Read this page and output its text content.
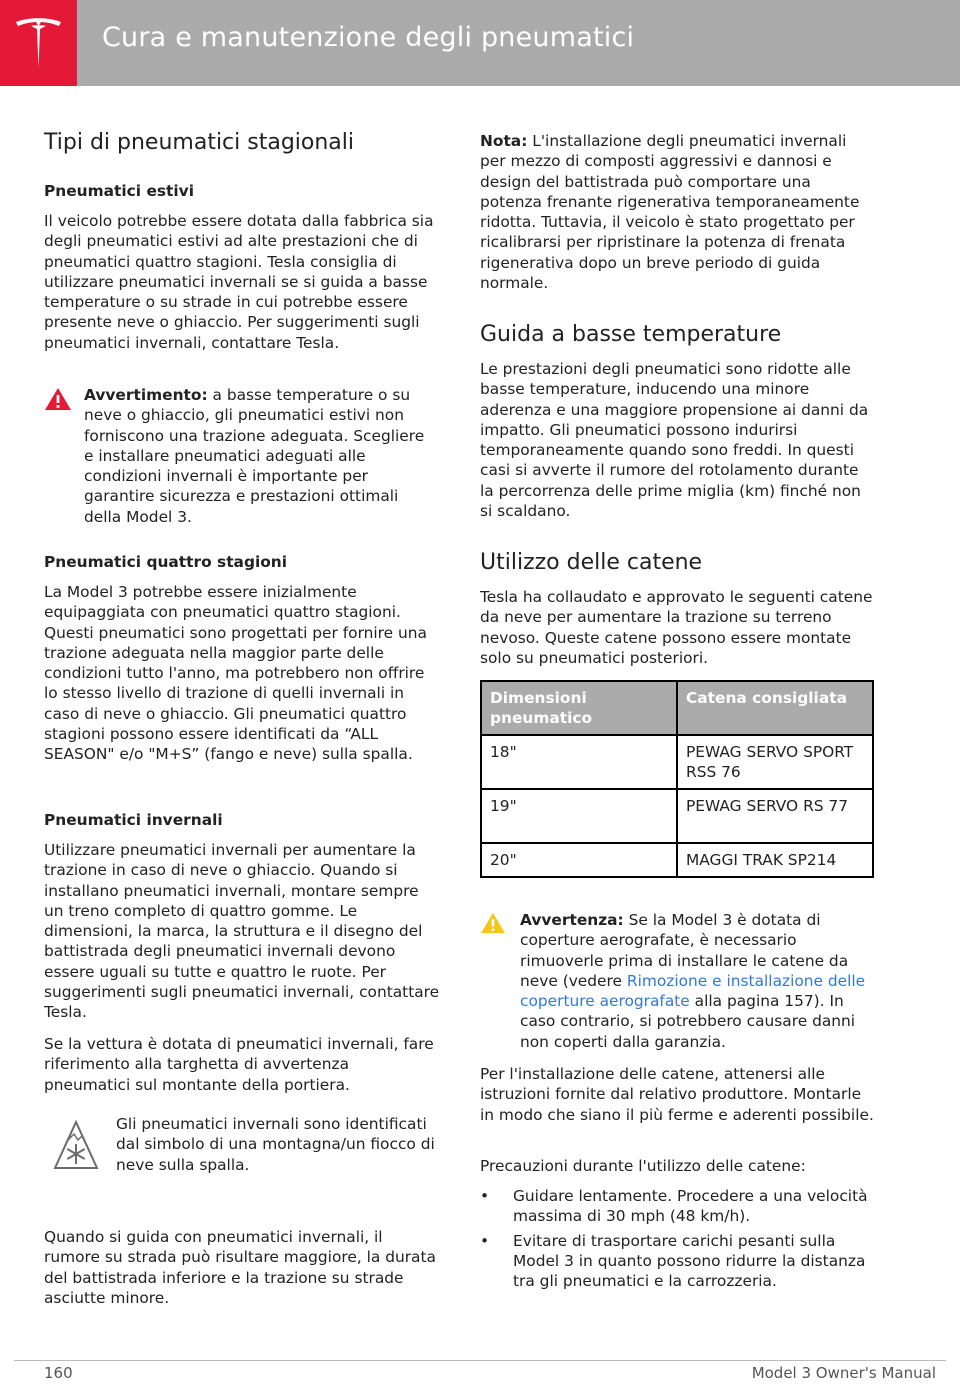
Cura e manutenzione degli pneumatici
Tipi di pneumatici stagionali
Pneumatici estivi

Il veicolo potrebbe essere dotata dalla fabbrica sia degli pneumatici estivi ad alte prestazioni che di pneumatici quattro stagioni. Tesla consiglia di utilizzare pneumatici invernali se si guida a basse temperature o su strade in cui potrebbe essere presente neve o ghiaccio. Per suggerimenti sugli pneumatici invernali, contattare Tesla.

Avvertimento: a basse temperature o su neve o ghiaccio, gli pneumatici estivi non forniscono una trazione adeguata. Scegliere e installare pneumatici adeguati alle condizioni invernali è importante per garantire sicurezza e prestazioni ottimali della Model 3.

Pneumatici quattro stagioni

La Model 3 potrebbe essere inizialmente equipaggiata con pneumatici quattro stagioni. Questi pneumatici sono progettati per fornire una trazione adeguata nella maggior parte delle condizioni tutto l'anno, ma potrebbero non offrire lo stesso livello di trazione di quelli invernali in caso di neve o ghiaccio. Gli pneumatici quattro stagioni possono essere identificati da “ALL SEASON" e/o "M+S” (fango e neve) sulla spalla.

Pneumatici invernali

Utilizzare pneumatici invernali per aumentare la trazione in caso di neve o ghiaccio. Quando si installano pneumatici invernali, montare sempre un treno completo di quattro gomme. Le dimensioni, la marca, la struttura e il disegno del battistrada degli pneumatici invernali devono essere uguali su tutte e quattro le ruote. Per suggerimenti sugli pneumatici invernali, contattare Tesla.

Se la vettura è dotata di pneumatici invernali, fare riferimento alla targhetta di avvertenza pneumatici sul montante della portiera.

Gli pneumatici invernali sono identificati dal simbolo di una montagna/un fiocco di neve sulla spalla.

Quando si guida con pneumatici invernali, il rumore su strada può risultare maggiore, la durata del battistrada inferiore e la trazione su strade asciutte minore.

Nota: L'installazione degli pneumatici invernali per mezzo di composti aggressivi e dannosi e design del battistrada può comportare una potenza frenante rigenerativa temporaneamente ridotta. Tuttavia, il veicolo è stato progettato per ricalibrarsi per ripristinare la potenza di frenata rigenerativa dopo un breve periodo di guida normale.

Guida a basse temperature

Le prestazioni degli pneumatici sono ridotte alle basse temperature, inducendo una minore aderenza e una maggiore propensione ai danni da impatto. Gli pneumatici possono indurirsi temporaneamente quando sono freddi. In questi casi si avverte il rumore del rotolamento durante la percorrenza delle prime miglia (km) finché non si scaldano.

Utilizzo delle catene

Tesla ha collaudato e approvato le seguenti catene da neve per aumentare la trazione su terreno nevoso. Queste catene possono essere montate solo su pneumatici posteriori.

Dimensioni pneumatico	Catena consigliata
18"	PEWAG SERVO SPORT RSS 76
19"	PEWAG SERVO RS 77
20"	MAGGI TRAK SP214

Avvertenza: Se la Model 3 è dotata di coperture aerografate, è necessario rimuoverle prima di installare le catene da neve (vedere Rimozione e installazione delle coperture aerografate alla pagina 157). In caso contrario, si potrebbero causare danni non coperti dalla garanzia.

Per l'installazione delle catene, attenersi alle istruzioni fornite dal relativo produttore. Montarle in modo che siano il più ferme e aderenti possibile.

Precauzioni durante l'utilizzo delle catene:

• Guidare lentamente. Procedere a una velocità massima di 30 mph (48 km/h).
• Evitare di trasportare carichi pesanti sulla Model 3 in quanto possono ridurre la distanza tra gli pneumatici e la carrozzeria.
160	Model 3 Owner's Manual
